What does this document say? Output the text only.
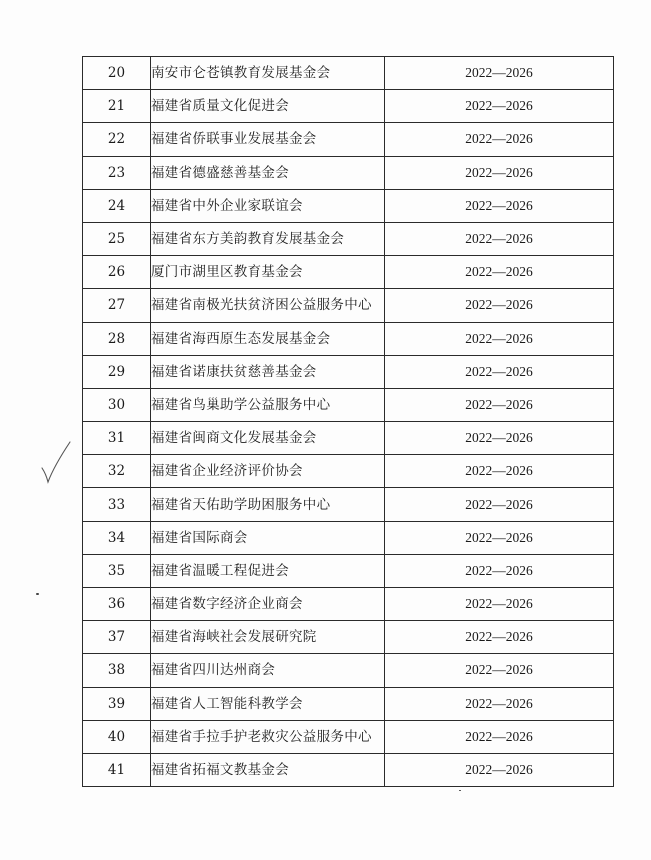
20	南安市仑苍镇教育发展基金会	2022—2026
21	福建省质量文化促进会	2022—2026
22	福建省侨联事业发展基金会	2022—2026
23	福建省德盛慈善基金会	2022—2026
24	福建省中外企业家联谊会	2022—2026
25	福建省东方美韵教育发展基金会	2022—2026
26	厦门市湖里区教育基金会	2022—2026
27	福建省南极光扶贫济困公益服务中心	2022—2026
28	福建省海西原生态发展基金会	2022—2026
29	福建省诺康扶贫慈善基金会	2022—2026
30	福建省鸟巢助学公益服务中心	2022—2026
31	福建省闽商文化发展基金会	2022—2026
32	福建省企业经济评价协会	2022—2026
33	福建省天佑助学助困服务中心	2022—2026
34	福建省国际商会	2022—2026
35	福建省温暖工程促进会	2022—2026
36	福建省数字经济企业商会	2022—2026
37	福建省海峡社会发展研究院	2022—2026
38	福建省四川达州商会	2022—2026
39	福建省人工智能科教学会	2022—2026
40	福建省手拉手护老救灾公益服务中心	2022—2026
41	福建省拓福文教基金会	2022—2026
